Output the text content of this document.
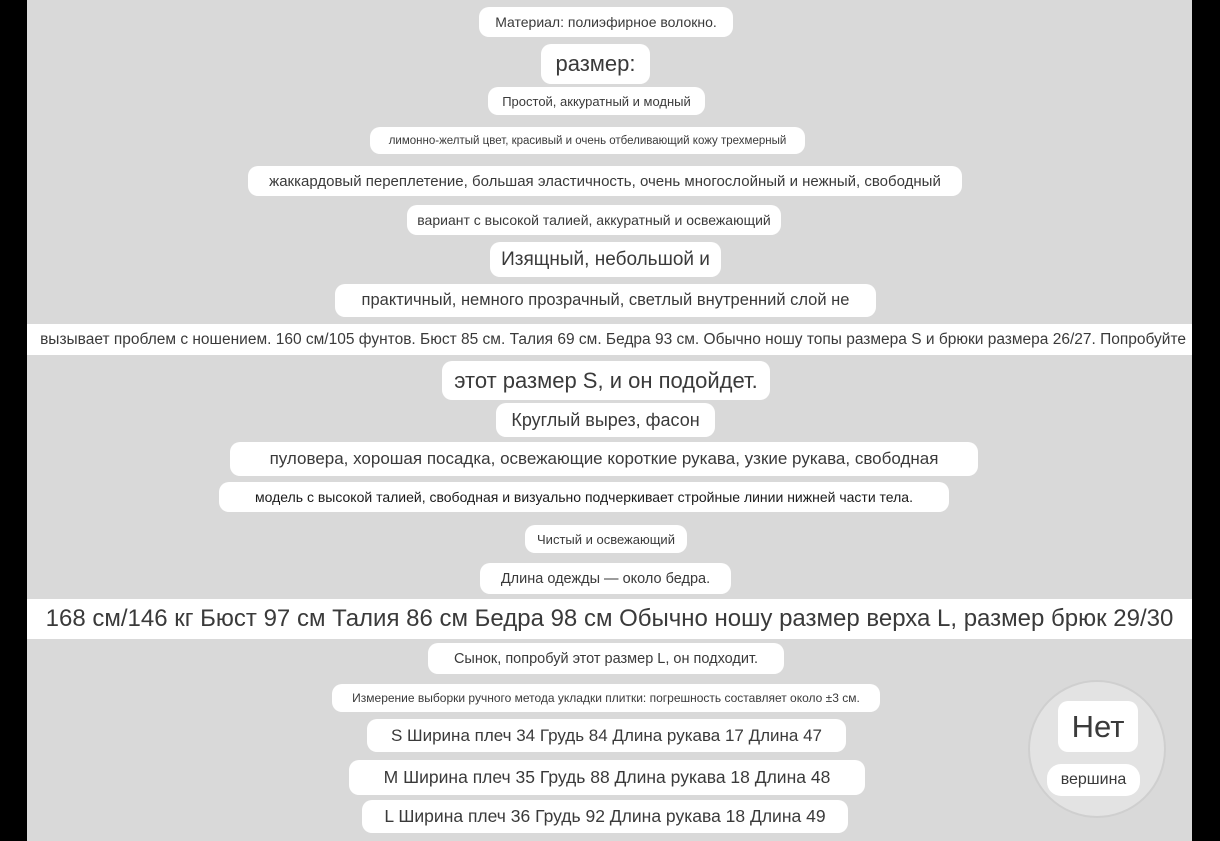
Материал: полиэфирное волокно.
размер:
Простой, аккуратный и модный
лимонно-желтый цвет, красивый и очень отбеливающий кожу трехмерный
жаккардовый переплетение, большая эластичность, очень многослойный и нежный, свободный
вариант с высокой талией, аккуратный и освежающий
Изящный, небольшой и
практичный, немного прозрачный, светлый внутренний слой не
вызывает проблем с ношением. 160 см/105 фунтов. Бюст 85 см. Талия 69 см. Бедра 93 см. Обычно ношу топы размера S и брюки размера 26/27. Попробуйте
этот размер S, и он подойдет.
Круглый вырез, фасон
пуловера, хорошая посадка, освежающие короткие рукава, узкие рукава, свободная
модель с высокой талией, свободная и визуально подчеркивает стройные линии нижней части тела.
Чистый и освежающий
Длина одежды — около бедра.
168 см/146 кг Бюст 97 см Талия 86 см Бедра 98 см Обычно ношу размер верха L, размер брюк 29/30
Сынок, попробуй этот размер L, он подходит.
Измерение выборки ручного метода укладки плитки: погрешность составляет около ±3 см.
S Ширина плеч 34 Грудь 84 Длина рукава 17 Длина 47
M Ширина плеч 35 Грудь 88 Длина рукава 18 Длина 48
L Ширина плеч 36 Грудь 92 Длина рукава 18 Длина 49
Нет
вершина
